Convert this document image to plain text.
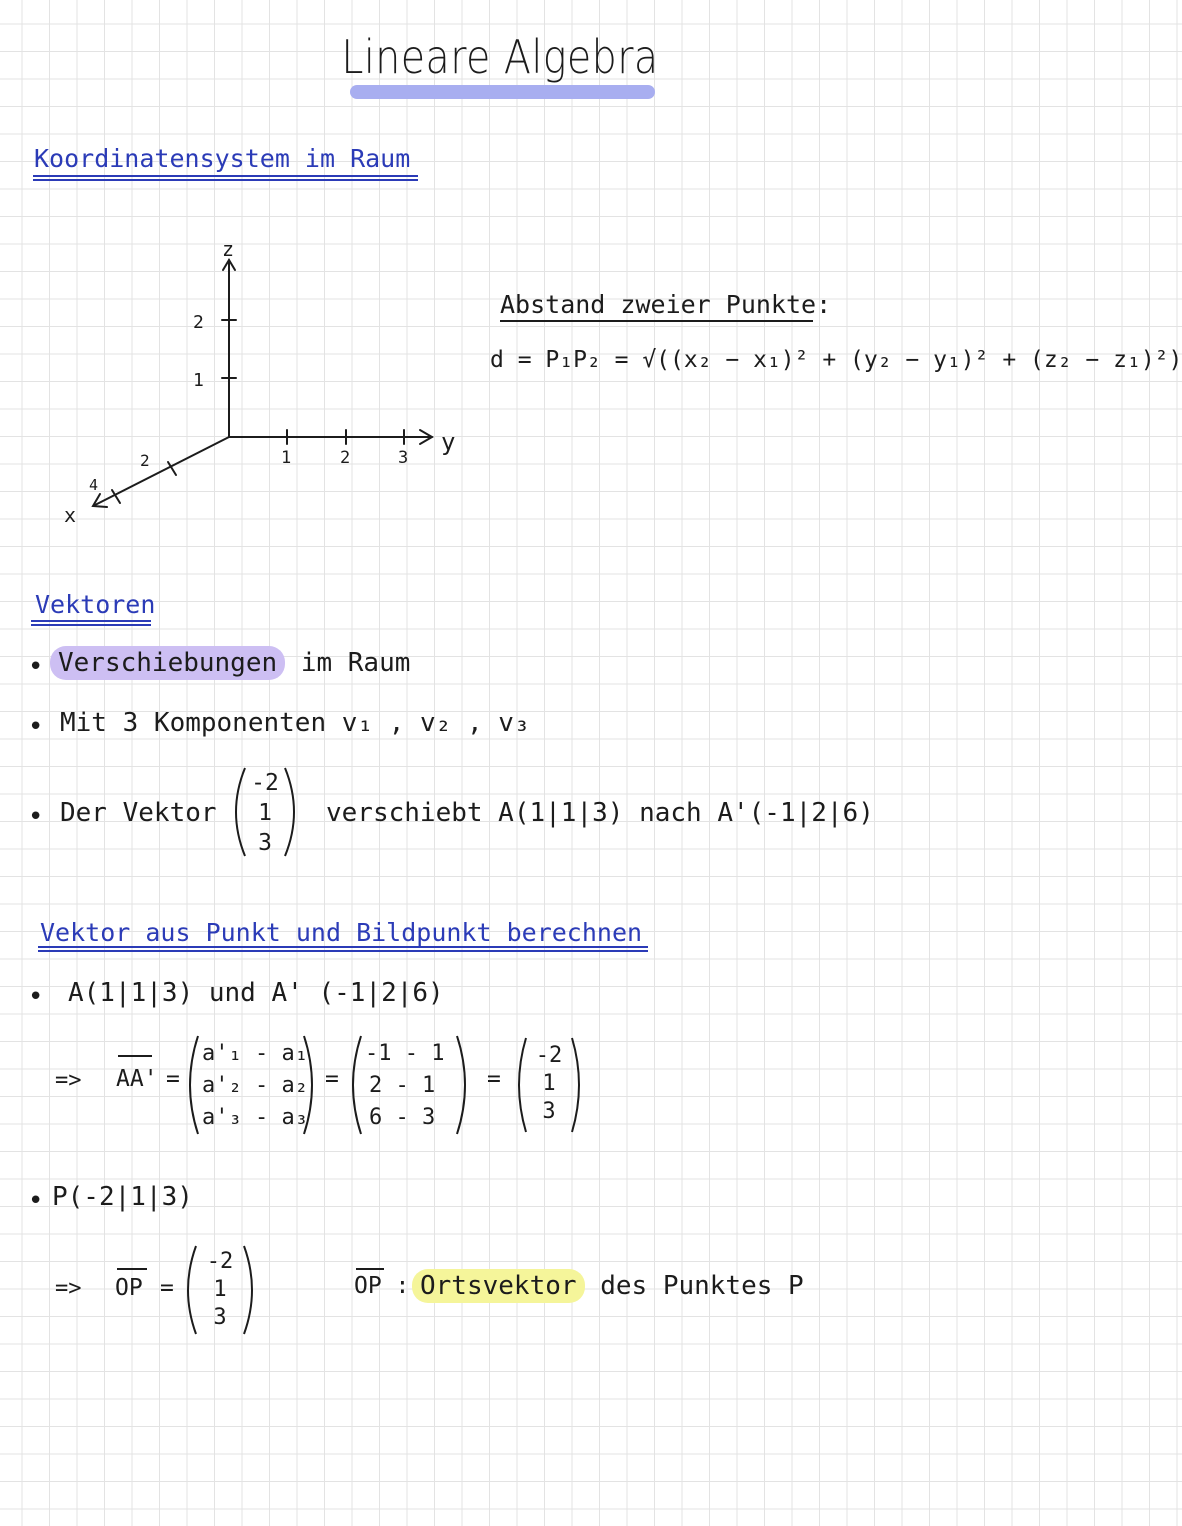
Lineare Algebra
Koordinatensystem im Raum
z
y
x
2
1
1	2	3
2
4
Abstand zweier Punkte:
d = P₁P₂ = √((x₂ − x₁)² + (y₂ − y₁)² + (z₂ − z₁)²)
Vektoren
• Verschiebungen im Raum
• Mit 3 Komponenten v₁ , v₂ , v₃
• Der Vektor
-2
1
3
verschiebt A(1|1|3) nach A'(-1|2|6)
Vektor aus Punkt und Bildpunkt berechnen
• A(1|1|3) und A' (-1|2|6)
=> AA' =
a'₁ - a₁
a'₂ - a₂
a'₃ - a₃
=
-1 - 1
2 - 1
6 - 3
=
-2
1
3
• P(-2|1|3)
=> OP =
-2
1
3
OP : Ortsvektor des Punktes P
